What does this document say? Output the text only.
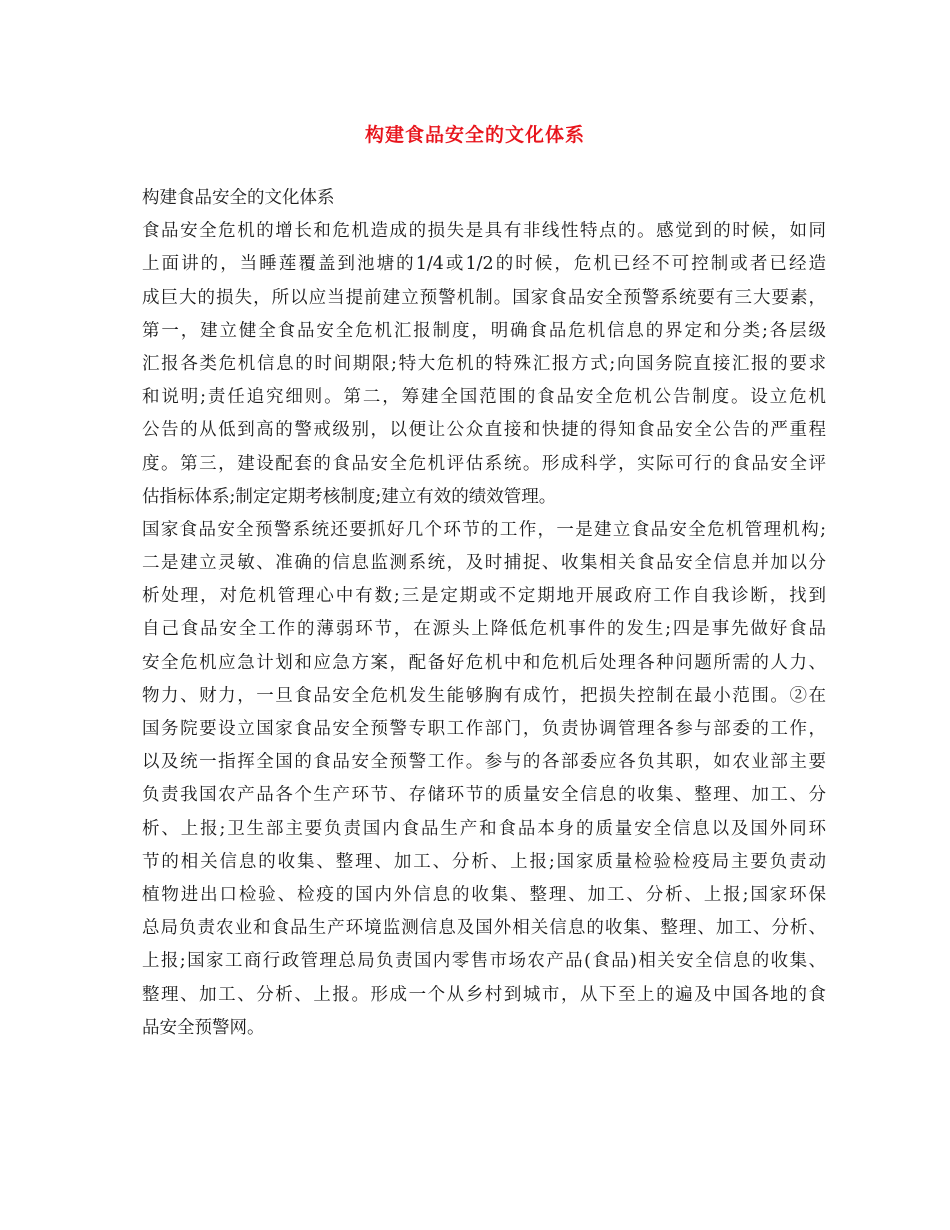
构建食品安全的文化体系
构建食品安全的文化体系
食品安全危机的增长和危机造成的损失是具有非线性特点的。感觉到的时候，如同
上面讲的，当睡莲覆盖到池塘的1/4或1/2的时候，危机已经不可控制或者已经造
成巨大的损失，所以应当提前建立预警机制。国家食品安全预警系统要有三大要素，
第一，建立健全食品安全危机汇报制度，明确食品危机信息的界定和分类;各层级
汇报各类危机信息的时间期限;特大危机的特殊汇报方式;向国务院直接汇报的要求
和说明;责任追究细则。第二，筹建全国范围的食品安全危机公告制度。设立危机
公告的从低到高的警戒级别，以便让公众直接和快捷的得知食品安全公告的严重程
度。第三，建设配套的食品安全危机评估系统。形成科学，实际可行的食品安全评
估指标体系;制定定期考核制度;建立有效的绩效管理。
国家食品安全预警系统还要抓好几个环节的工作，一是建立食品安全危机管理机构;
二是建立灵敏、准确的信息监测系统，及时捕捉、收集相关食品安全信息并加以分
析处理，对危机管理心中有数;三是定期或不定期地开展政府工作自我诊断，找到
自己食品安全工作的薄弱环节，在源头上降低危机事件的发生;四是事先做好食品
安全危机应急计划和应急方案，配备好危机中和危机后处理各种问题所需的人力、
物力、财力，一旦食品安全危机发生能够胸有成竹，把损失控制在最小范围。②在
国务院要设立国家食品安全预警专职工作部门，负责协调管理各参与部委的工作，
以及统一指挥全国的食品安全预警工作。参与的各部委应各负其职，如农业部主要
负责我国农产品各个生产环节、存储环节的质量安全信息的收集、整理、加工、分
析、上报;卫生部主要负责国内食品生产和食品本身的质量安全信息以及国外同环
节的相关信息的收集、整理、加工、分析、上报;国家质量检验检疫局主要负责动
植物进出口检验、检疫的国内外信息的收集、整理、加工、分析、上报;国家环保
总局负责农业和食品生产环境监测信息及国外相关信息的收集、整理、加工、分析、
上报;国家工商行政管理总局负责国内零售市场农产品(食品)相关安全信息的收集、
整理、加工、分析、上报。形成一个从乡村到城市，从下至上的遍及中国各地的食
品安全预警网。
